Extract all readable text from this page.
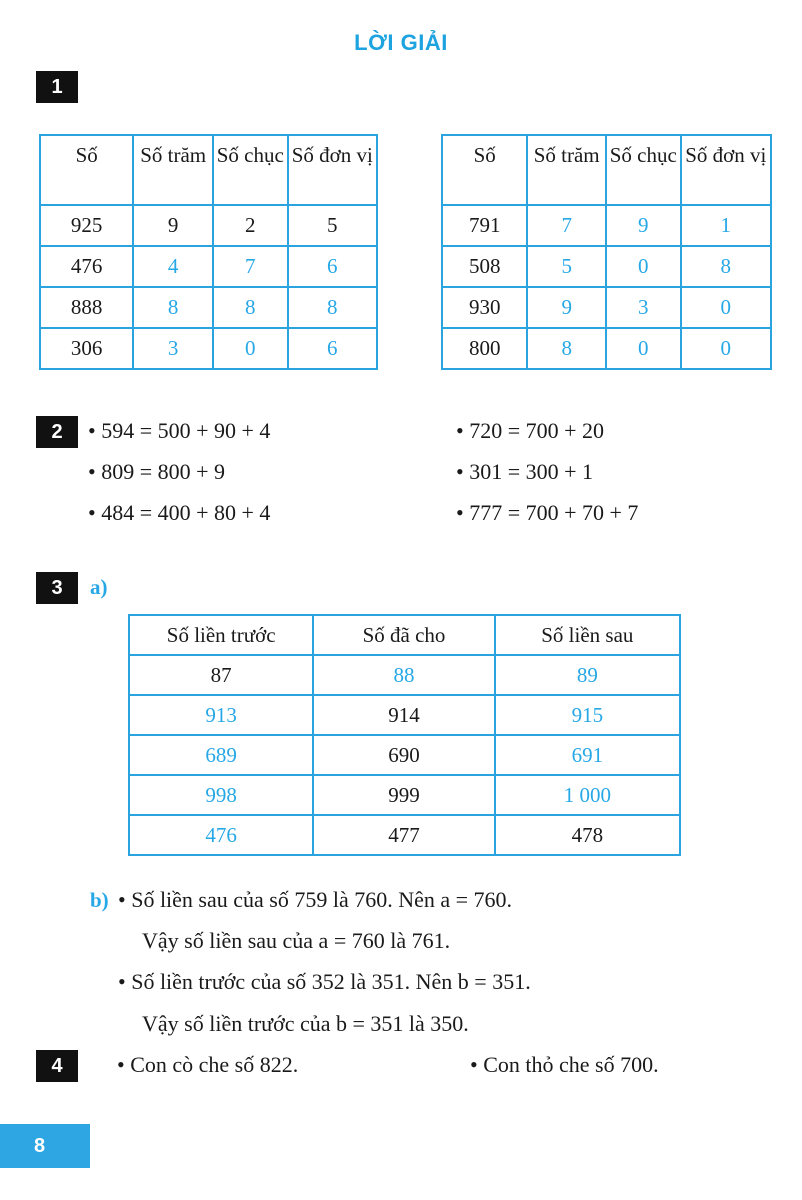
LỜI GIẢI
1
Số	Số trăm	Số chục	Số đơn vị
925	9	2	5
476	4	7	6
888	8	8	8
306	3	0	6
Số	Số trăm	Số chục	Số đơn vị
791	7	9	1
508	5	0	8
930	9	3	0
800	8	0	0
2	• 594 = 500 + 90 + 4
• 809 = 800 + 9
• 484 = 400 + 80 + 4
• 720 = 700 + 20
• 301 = 300 + 1
• 777 = 700 + 70 + 7
3	a)
Số liền trước	Số đã cho	Số liền sau
87	88	89
913	914	915
689	690	691
998	999	1 000
476	477	478
b) • Số liền sau của số 759 là 760. Nên a = 760.
Vậy số liền sau của a = 760 là 761.
• Số liền trước của số 352 là 351. Nên b = 351.
Vậy số liền trước của b = 351 là 350.
4	• Con cò che số 822.	• Con thỏ che số 700.
8
